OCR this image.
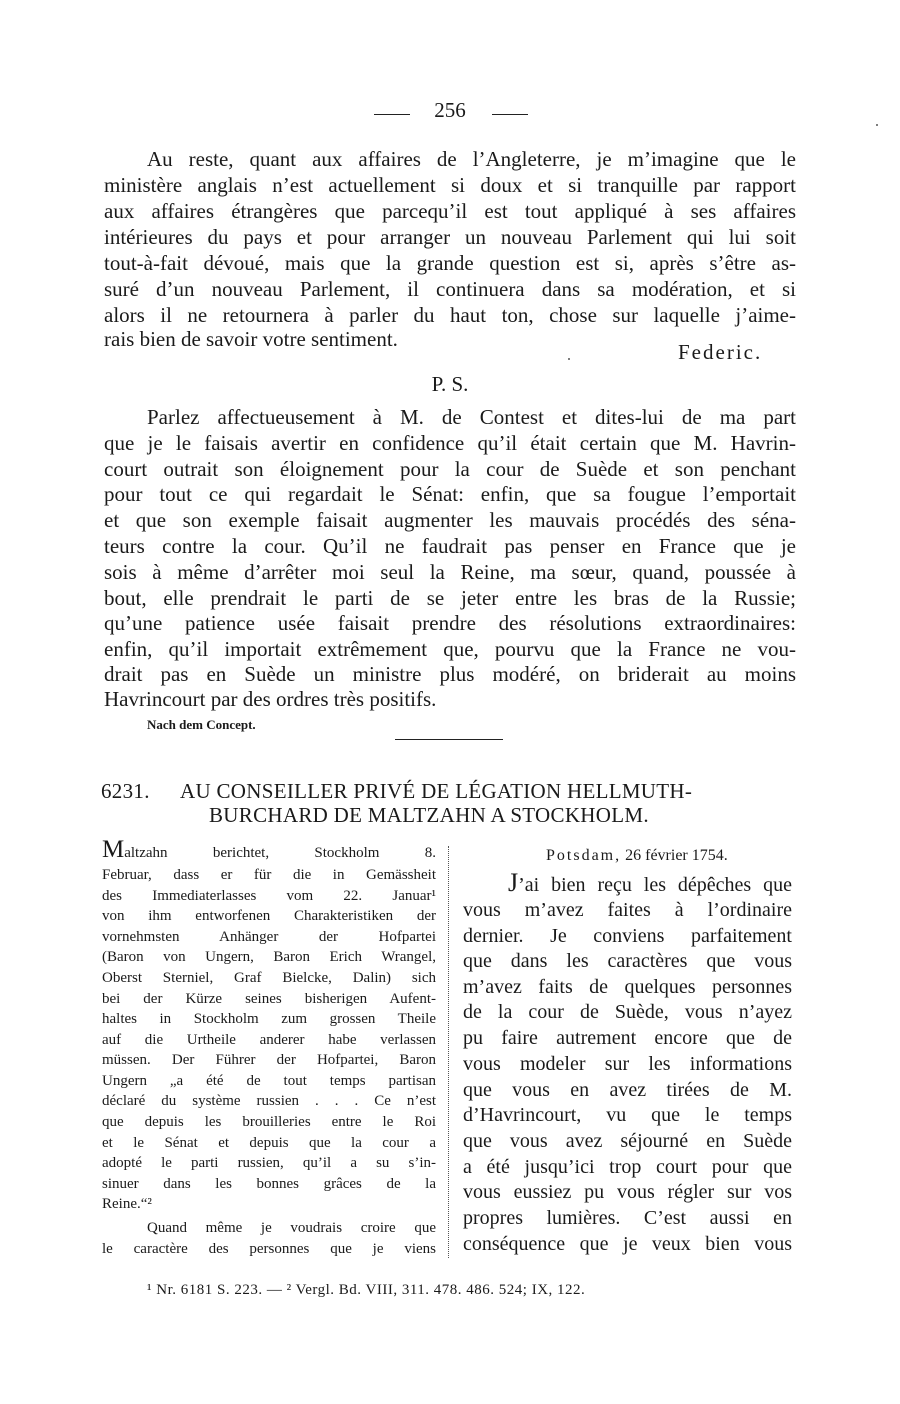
256
Au reste, quant aux affaires de l’Angleterre, je m’imagine que le
ministère anglais n’est actuellement si doux et si tranquille par rapport
aux affaires étrangères que parcequ’il est tout appliqué à ses affaires
intérieures du pays et pour arranger un nouveau Parlement qui lui soit
tout-à-fait dévoué, mais que la grande question est si, après s’être as-
suré d’un nouveau Parlement, il continuera dans sa modération, et si
alors il ne retournera à parler du haut ton, chose sur laquelle j’aime-
rais bien de savoir votre sentiment.
Federic.
P. S.
Parlez affectueusement à M. de Contest et dites-lui de ma part
que je le faisais avertir en confidence qu’il était certain que M. Havrin-
court outrait son éloignement pour la cour de Suède et son penchant
pour tout ce qui regardait le Sénat: enfin, que sa fougue l’emportait
et que son exemple faisait augmenter les mauvais procédés des séna-
teurs contre la cour. Qu’il ne faudrait pas penser en France que je
sois à même d’arrêter moi seul la Reine, ma sœur, quand, poussée à
bout, elle prendrait le parti de se jeter entre les bras de la Russie;
qu’une patience usée faisait prendre des résolutions extraordinaires:
enfin, qu’il importait extrêmement que, pourvu que la France ne vou-
drait pas en Suède un ministre plus modéré, on briderait au moins
Havrincourt par des ordres très positifs.
Nach dem Concept.
6231. AU CONSEILLER PRIVÉ DE LÉGATION HELLMUTH-
BURCHARD DE MALTZAHN A STOCKHOLM.
Maltzahn berichtet, Stockholm 8.
Februar, dass er für die in Gemässheit
des Immediaterlasses vom 22. Januar¹
von ihm entworfenen Charakteristiken der
vornehmsten Anhänger der Hofpartei
(Baron von Ungern, Baron Erich Wrangel,
Oberst Sterniel, Graf Bielcke, Dalin) sich
bei der Kürze seines bisherigen Aufent-
haltes in Stockholm zum grossen Theile
auf die Urtheile anderer habe verlassen
müssen. Der Führer der Hofpartei, Baron
Ungern „a été de tout temps partisan
déclaré du système russien . . . Ce n’est
que depuis les brouilleries entre le Roi
et le Sénat et depuis que la cour a
adopté le parti russien, qu’il a su s’in-
sinuer dans les bonnes grâces de la
Reine.“²
Quand même je voudrais croire que
le caractère des personnes que je viens
Potsdam, 26 février 1754.
J’ai bien reçu les dépêches que
vous m’avez faites à l’ordinaire
dernier. Je conviens parfaitement
que dans les caractères que vous
m’avez faits de quelques personnes
de la cour de Suède, vous n’ayez
pu faire autrement encore que de
vous modeler sur les informations
que vous en avez tirées de M.
d’Havrincourt, vu que le temps
que vous avez séjourné en Suède
a été jusqu’ici trop court pour que
vous eussiez pu vous régler sur vos
propres lumières. C’est aussi en
conséquence que je veux bien vous
¹ Nr. 6181 S. 223. — ² Vergl. Bd. VIII, 311. 478. 486. 524; IX, 122.
